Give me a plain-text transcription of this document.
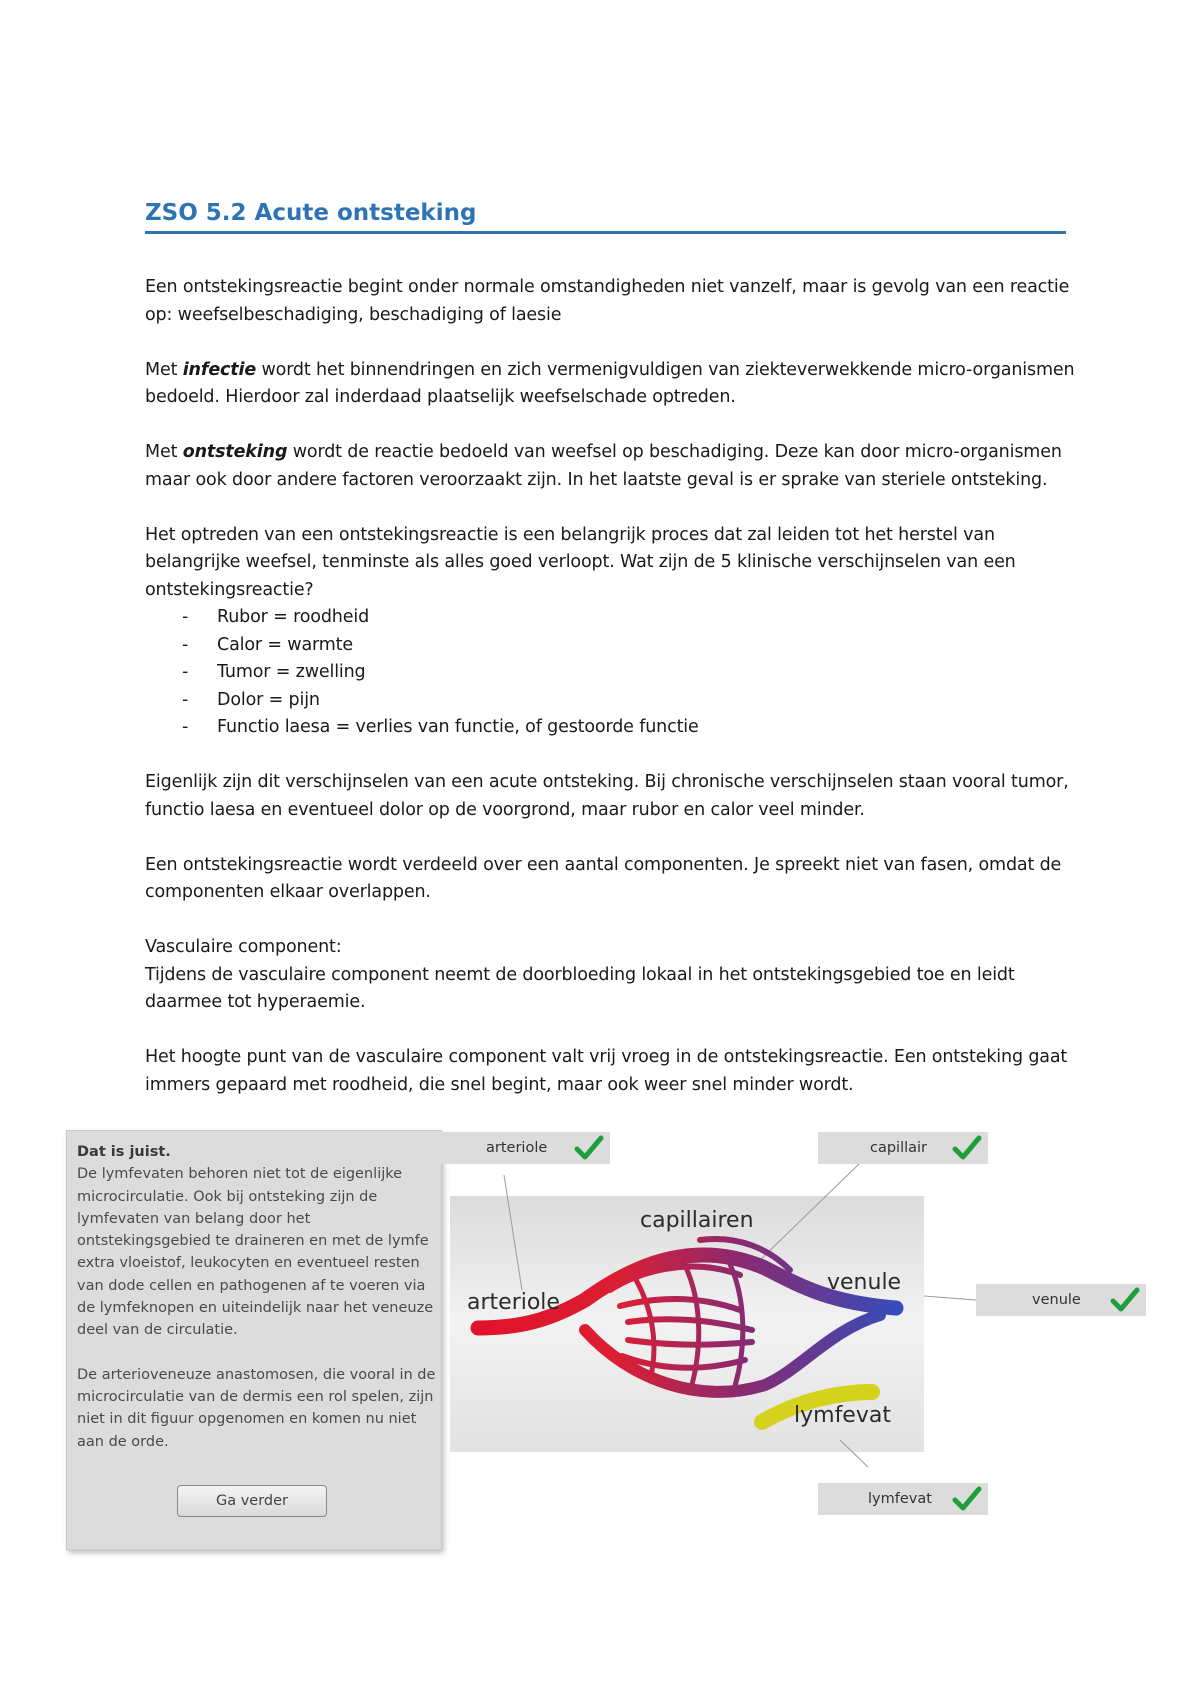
ZSO 5.2 Acute ontsteking

Een ontstekingsreactie begint onder normale omstandigheden niet vanzelf, maar is gevolg van een reactie op: weefselbeschadiging, beschadiging of laesie

Met infectie wordt het binnendringen en zich vermenigvuldigen van ziekteverwekkende micro-organismen bedoeld. Hierdoor zal inderdaad plaatselijk weefselschade optreden.

Met ontsteking wordt de reactie bedoeld van weefsel op beschadiging. Deze kan door micro-organismen maar ook door andere factoren veroorzaakt zijn. In het laatste geval is er sprake van steriele ontsteking.

Het optreden van een ontstekingsreactie is een belangrijk proces dat zal leiden tot het herstel van belangrijke weefsel, tenminste als alles goed verloopt. Wat zijn de 5 klinische verschijnselen van een ontstekingsreactie?

- Rubor = roodheid
- Calor = warmte
- Tumor = zwelling
- Dolor = pijn
- Functio laesa = verlies van functie, of gestoorde functie

Eigenlijk zijn dit verschijnselen van een acute ontsteking. Bij chronische verschijnselen staan vooral tumor, functio laesa en eventueel dolor op de voorgrond, maar rubor en calor veel minder.

Een ontstekingsreactie wordt verdeeld over een aantal componenten. Je spreekt niet van fasen, omdat de componenten elkaar overlappen.

Vasculaire component:
Tijdens de vasculaire component neemt de doorbloeding lokaal in het ontstekingsgebied toe en leidt daarmee tot hyperaemie.

Het hoogte punt van de vasculaire component valt vrij vroeg in de ontstekingsreactie. Een ontsteking gaat immers gepaard met roodheid, die snel begint, maar ook weer snel minder wordt.

Dat is juist.

De lymfevaten behoren niet tot de eigenlijke microcirculatie. Ook bij ontsteking zijn de lymfevaten van belang door het ontstekingsgebied te draineren en met de lymfe extra vloeistof, leukocyten en eventueel resten van dode cellen en pathogenen af te voeren via de lymfeknopen en uiteindelijk naar het veneuze deel van de circulatie.

De arterioveneuze anastomosen, die vooral in de microcirculatie van de dermis een rol spelen, zijn niet in dit figuur opgenomen en komen nu niet aan de orde.

Ga verder
capillairen
arteriole
venule
lymfevat
arteriole	capillair
venule
lymfevat
